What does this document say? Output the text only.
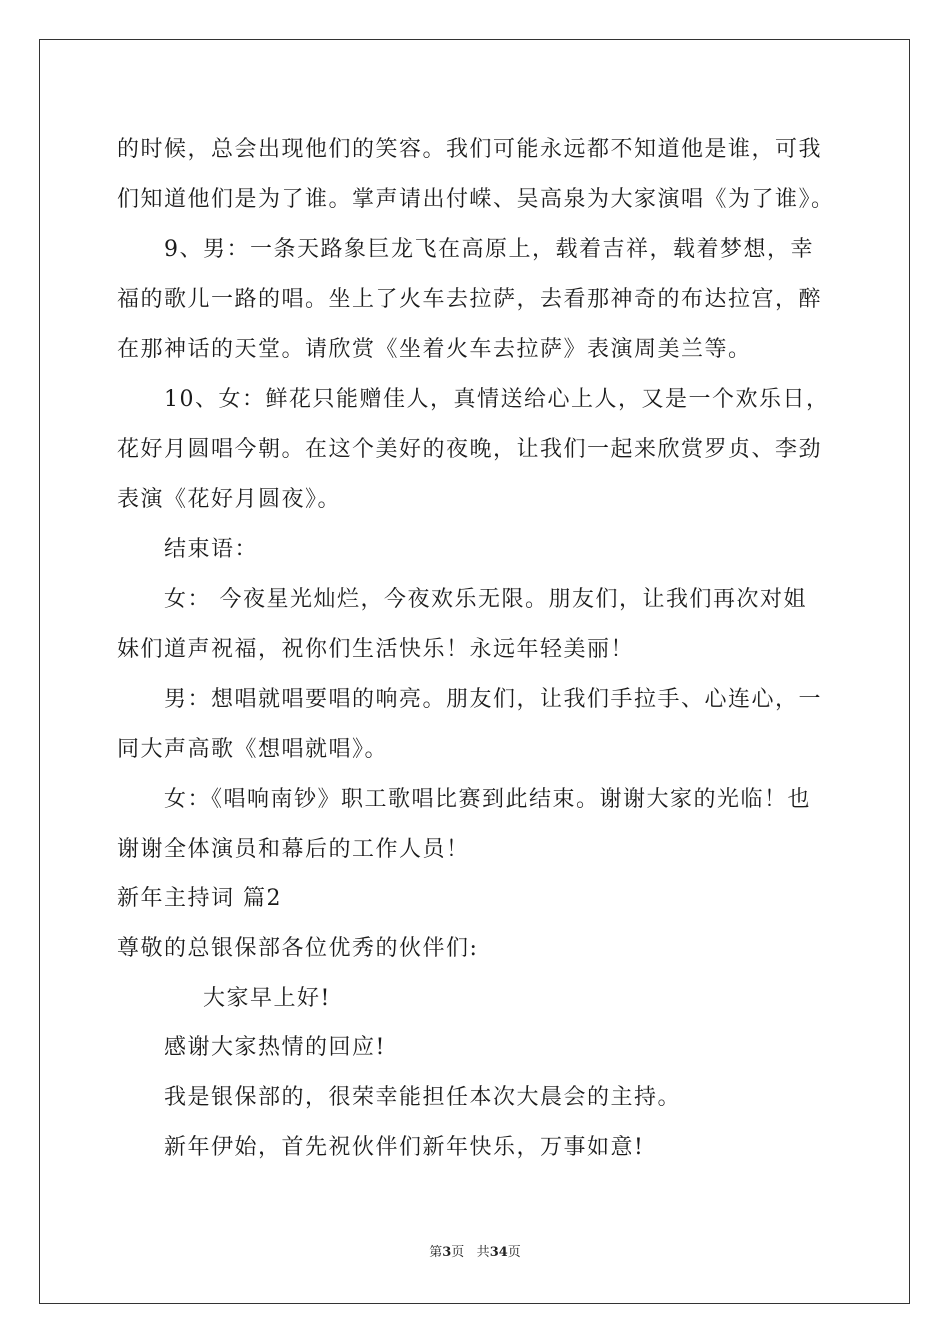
的时候，总会出现他们的笑容。我们可能永远都不知道他是谁，可我
们知道他们是为了谁。掌声请出付嵘、吴高泉为大家演唱《为了谁》。
9、男：一条天路象巨龙飞在高原上，载着吉祥，载着梦想，幸
福的歌儿一路的唱。坐上了火车去拉萨，去看那神奇的布达拉宫，醉
在那神话的天堂。请欣赏《坐着火车去拉萨》表演周美兰等。
10、女：鲜花只能赠佳人，真情送给心上人，又是一个欢乐日，
花好月圆唱今朝。在这个美好的夜晚，让我们一起来欣赏罗贞、李劲
表演《花好月圆夜》。
结束语：
女： 今夜星光灿烂，今夜欢乐无限。朋友们，让我们再次对姐
妹们道声祝福，祝你们生活快乐！永远年轻美丽！
男：想唱就唱要唱的响亮。朋友们，让我们手拉手、心连心，一
同大声高歌《想唱就唱》。
女：《唱响南钞》职工歌唱比赛到此结束。谢谢大家的光临！也
谢谢全体演员和幕后的工作人员！
新年主持词 篇2
尊敬的总银保部各位优秀的伙伴们:
大家早上好!
感谢大家热情的回应!
我是银保部的，很荣幸能担任本次大晨会的主持。
新年伊始，首先祝伙伴们新年快乐，万事如意!
第3页 共34页
